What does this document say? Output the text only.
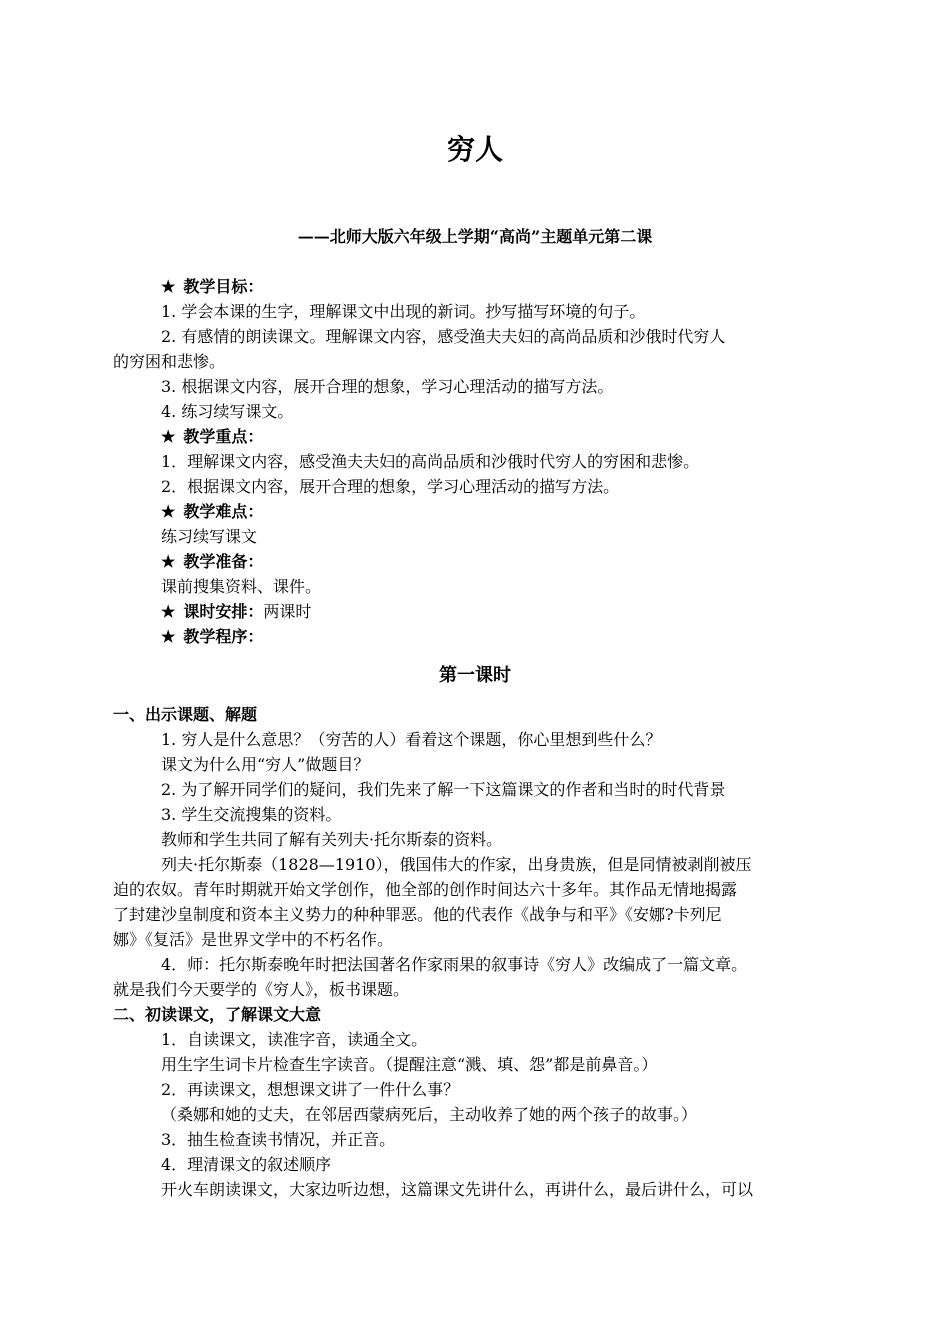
穷人
——北师大版六年级上学期“高尚”主题单元第二课
★ 教学目标：
1. 学会本课的生字，理解课文中出现的新词。抄写描写环境的句子。
2. 有感情的朗读课文。理解课文内容，感受渔夫夫妇的高尚品质和沙俄时代穷人
的穷困和悲惨。
3. 根据课文内容，展开合理的想象，学习心理活动的描写方法。
4. 练习续写课文。
★ 教学重点：
1．理解课文内容，感受渔夫夫妇的高尚品质和沙俄时代穷人的穷困和悲惨。
2．根据课文内容，展开合理的想象，学习心理活动的描写方法。
★ 教学难点：
练习续写课文
★ 教学准备：
课前搜集资料、课件。
★ 课时安排：两课时
★ 教学程序：
第一课时
一、出示课题、解题
1. 穷人是什么意思？（穷苦的人）看着这个课题，你心里想到些什么？
课文为什么用“穷人”做题目？
2. 为了解开同学们的疑问，我们先来了解一下这篇课文的作者和当时的时代背景
3. 学生交流搜集的资料。
教师和学生共同了解有关列夫·托尔斯泰的资料。
列夫·托尔斯泰（1828—1910），俄国伟大的作家，出身贵族，但是同情被剥削被压
迫的农奴。青年时期就开始文学创作，他全部的创作时间达六十多年。其作品无情地揭露
了封建沙皇制度和资本主义势力的种种罪恶。他的代表作《战争与和平》《安娜?卡列尼
娜》《复活》是世界文学中的不朽名作。
4．师：托尔斯泰晚年时把法国著名作家雨果的叙事诗《穷人》改编成了一篇文章。
就是我们今天要学的《穷人》，板书课题。
二、初读课文，了解课文大意
1．自读课文，读准字音，读通全文。
用生字生词卡片检查生字读音。（提醒注意“溅、填、怨”都是前鼻音。）
2．再读课文，想想课文讲了一件什么事？
（桑娜和她的丈夫，在邻居西蒙病死后，主动收养了她的两个孩子的故事。）
3．抽生检查读书情况，并正音。
4．理清课文的叙述顺序
开火车朗读课文，大家边听边想，这篇课文先讲什么，再讲什么，最后讲什么，可以
